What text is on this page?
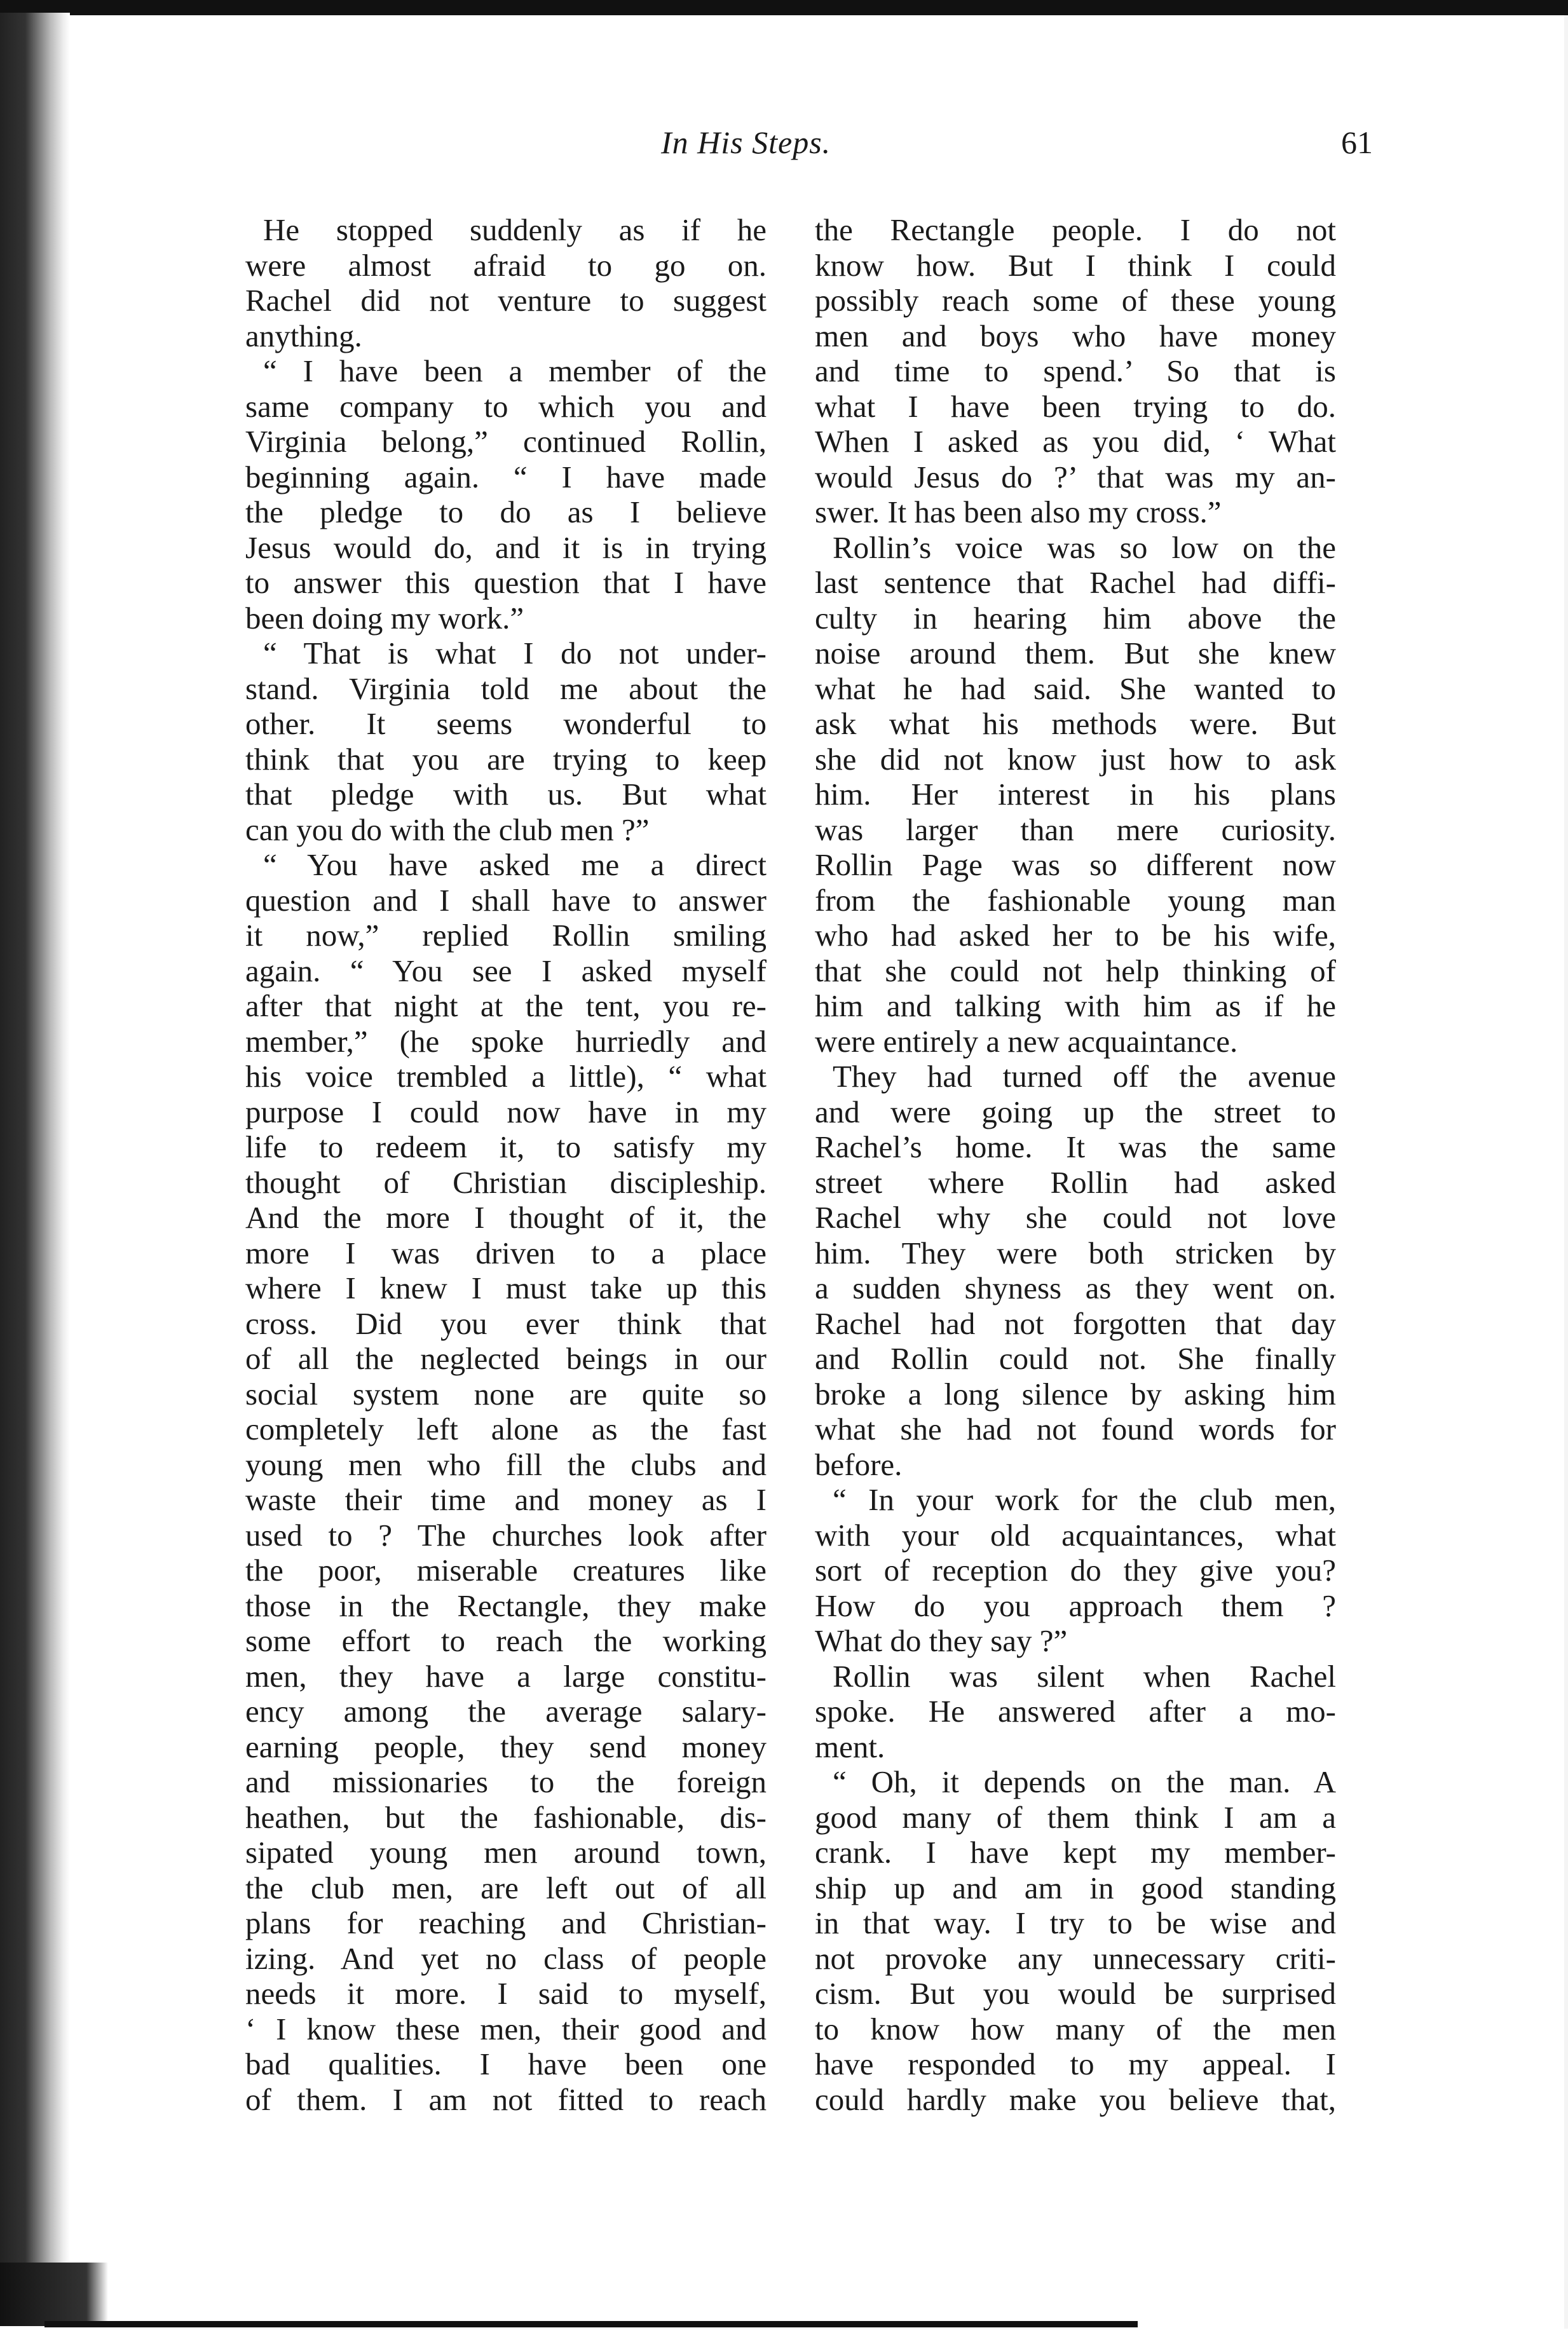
In His Steps.	61
He stopped suddenly as if he
were almost afraid to go on.
Rachel did not venture to suggest
anything.
“ I have been a member of the
same company to which you and
Virginia belong,” continued Rollin,
beginning again. “ I have made
the pledge to do as I believe
Jesus would do, and it is in trying
to answer this question that I have
been doing my work.”
“ That is what I do not under-
stand. Virginia told me about the
other. It seems wonderful to
think that you are trying to keep
that pledge with us. But what
can you do with the club men ?”
“ You have asked me a direct
question and I shall have to answer
it now,” replied Rollin smiling
again. “ You see I asked myself
after that night at the tent, you re-
member,” (he spoke hurriedly and
his voice trembled a little), “ what
purpose I could now have in my
life to redeem it, to satisfy my
thought of Christian discipleship.
And the more I thought of it, the
more I was driven to a place
where I knew I must take up this
cross. Did you ever think that
of all the neglected beings in our
social system none are quite so
completely left alone as the fast
young men who fill the clubs and
waste their time and money as I
used to ? The churches look after
the poor, miserable creatures like
those in the Rectangle, they make
some effort to reach the working
men, they have a large constitu-
ency among the average salary-
earning people, they send money
and missionaries to the foreign
heathen, but the fashionable, dis-
sipated young men around town,
the club men, are left out of all
plans for reaching and Christian-
izing. And yet no class of people
needs it more. I said to myself,
‘ I know these men, their good and
bad qualities. I have been one
of them. I am not fitted to reach
the Rectangle people. I do not
know how. But I think I could
possibly reach some of these young
men and boys who have money
and time to spend.’ So that is
what I have been trying to do.
When I asked as you did, ‘ What
would Jesus do ?’ that was my an-
swer. It has been also my cross.”
Rollin’s voice was so low on the
last sentence that Rachel had diffi-
culty in hearing him above the
noise around them. But she knew
what he had said. She wanted to
ask what his methods were. But
she did not know just how to ask
him. Her interest in his plans
was larger than mere curiosity.
Rollin Page was so different now
from the fashionable young man
who had asked her to be his wife,
that she could not help thinking of
him and talking with him as if he
were entirely a new acquaintance.
They had turned off the avenue
and were going up the street to
Rachel’s home. It was the same
street where Rollin had asked
Rachel why she could not love
him. They were both stricken by
a sudden shyness as they went on.
Rachel had not forgotten that day
and Rollin could not. She finally
broke a long silence by asking him
what she had not found words for
before.
“ In your work for the club men,
with your old acquaintances, what
sort of reception do they give you?
How do you approach them ?
What do they say ?”
Rollin was silent when Rachel
spoke. He answered after a mo-
ment.
“ Oh, it depends on the man. A
good many of them think I am a
crank. I have kept my member-
ship up and am in good standing
in that way. I try to be wise and
not provoke any unnecessary criti-
cism. But you would be surprised
to know how many of the men
have responded to my appeal. I
could hardly make you believe that,
